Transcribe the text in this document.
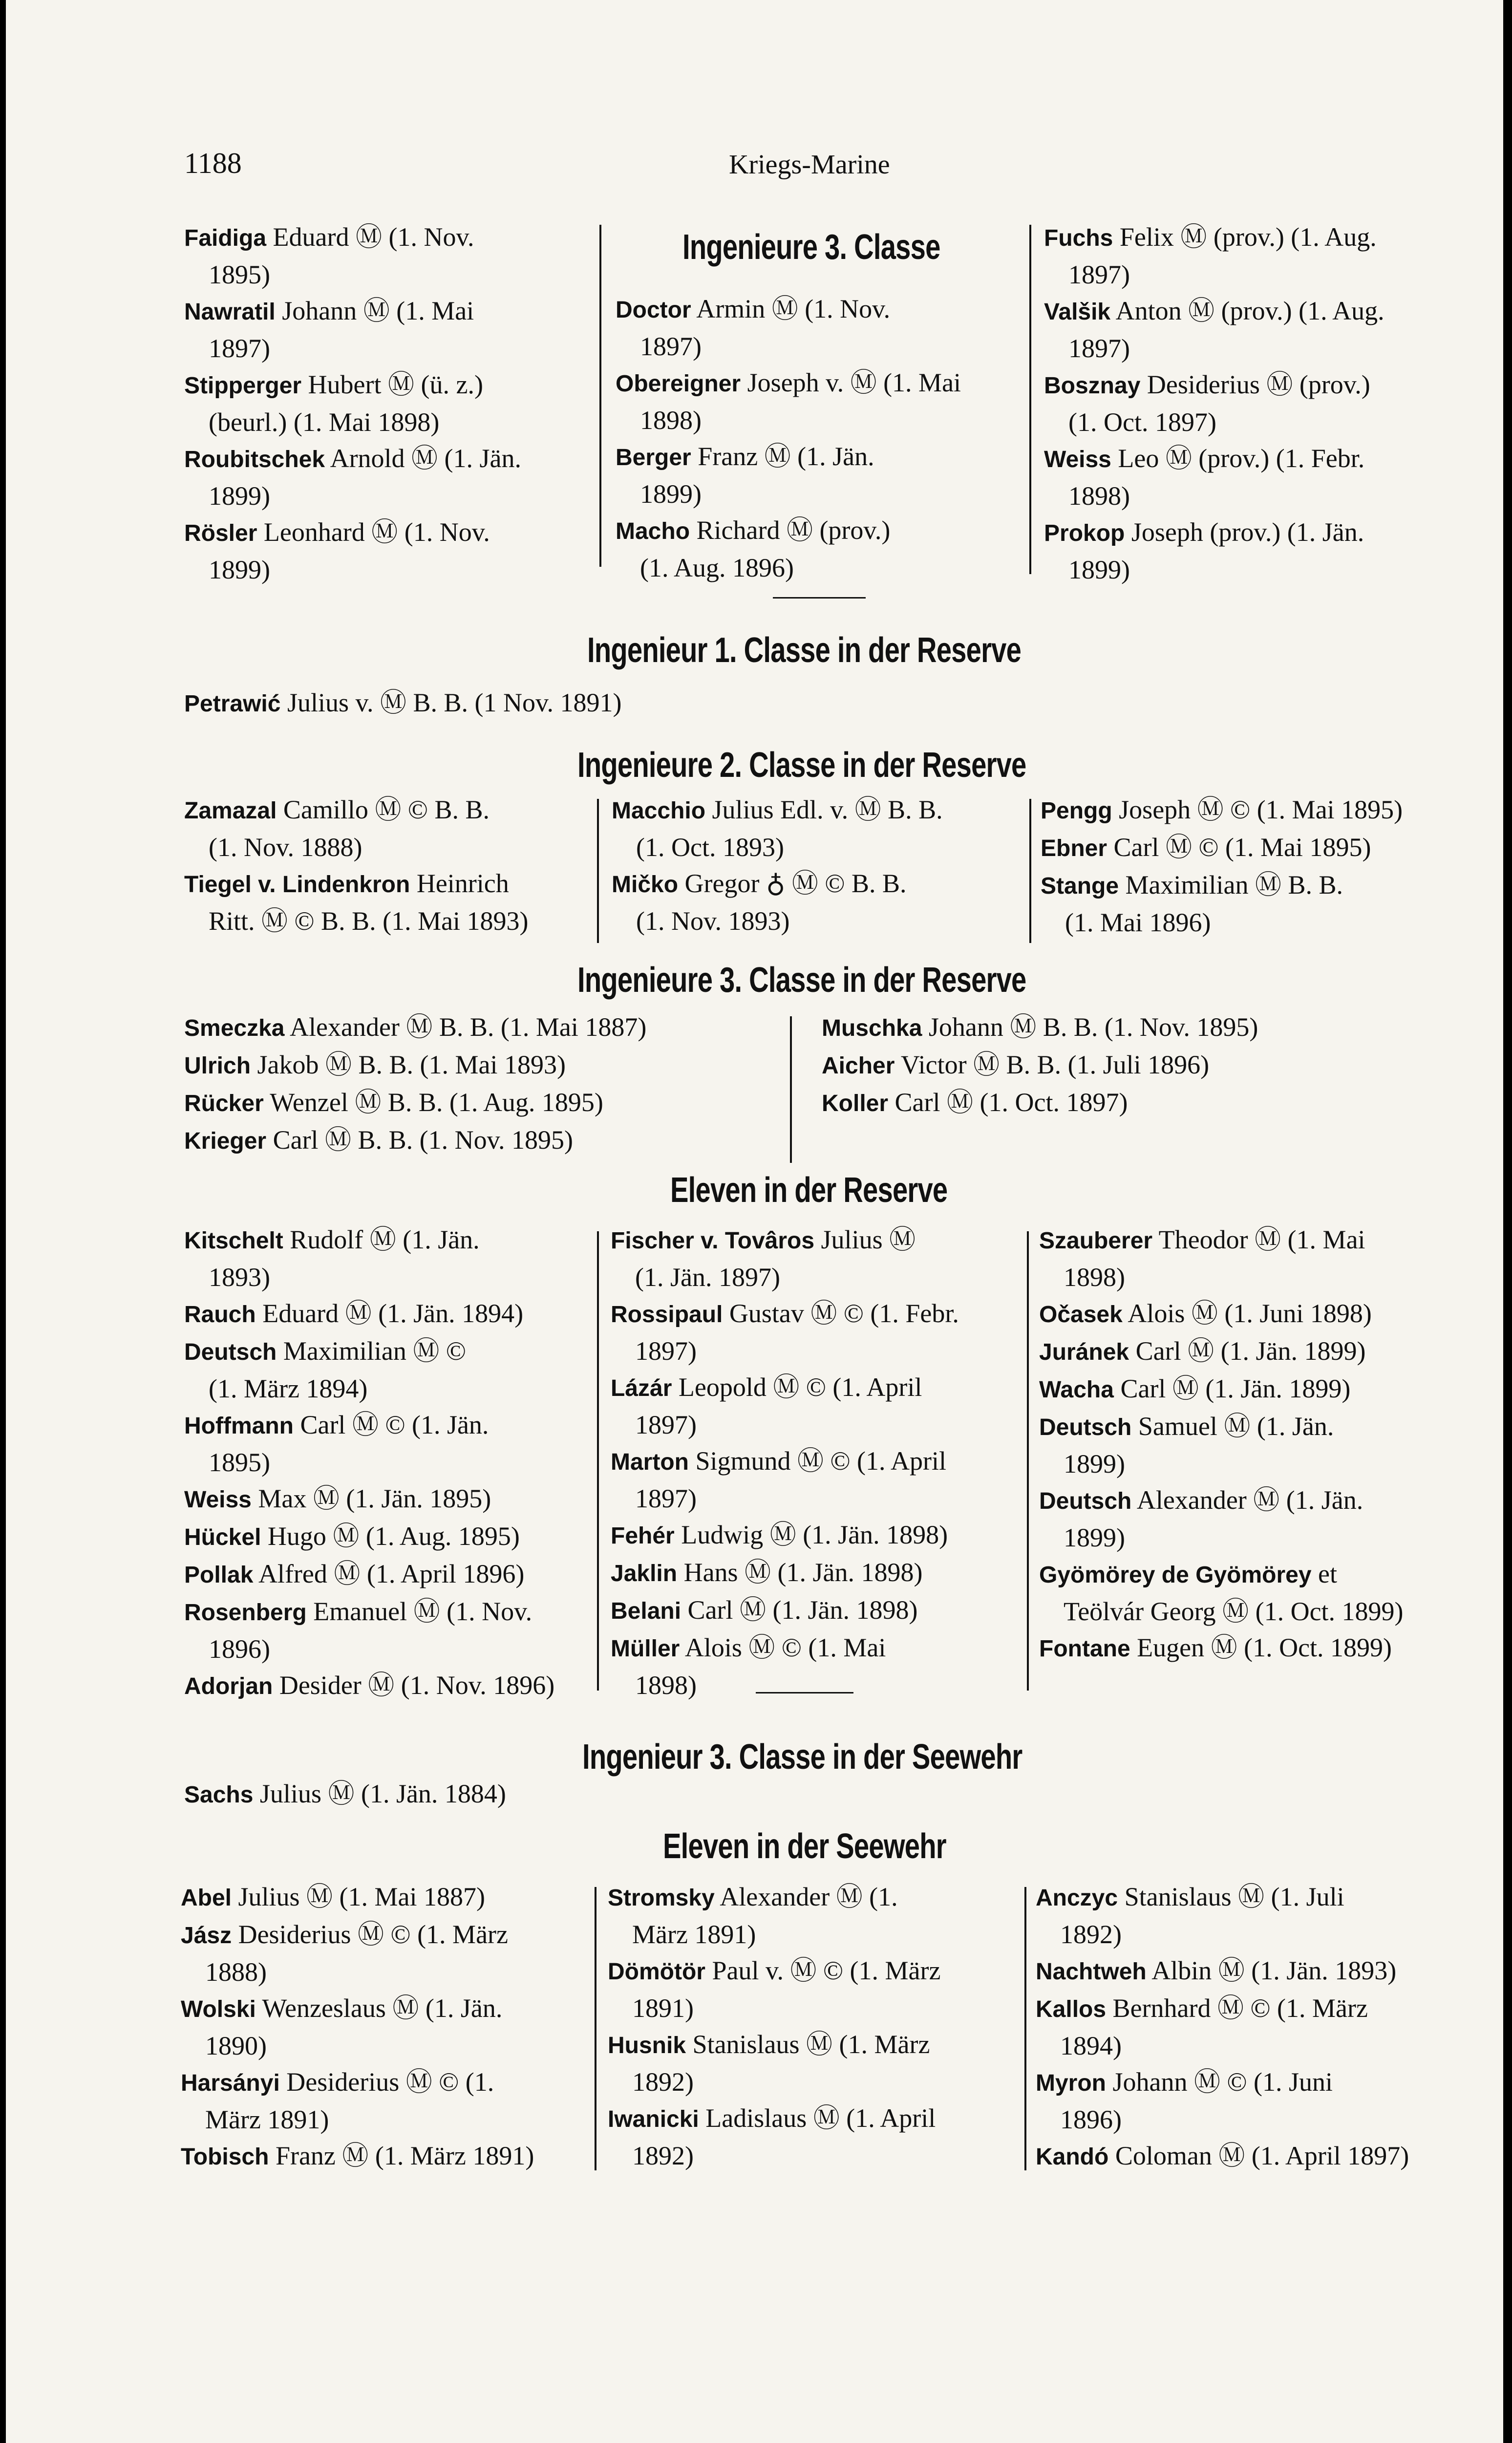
1188	Kriegs-Marine
Faidiga Eduard Ⓜ (1. Nov.
1895)
Nawratil Johann Ⓜ (1. Mai
1897)
Stipperger Hubert Ⓜ (ü. z.)
(beurl.) (1. Mai 1898)
Roubitschek Arnold Ⓜ (1. Jän.
1899)
Rösler Leonhard Ⓜ (1. Nov.
1899)
Ingenieure 3. Classe
Doctor Armin Ⓜ (1. Nov.
1897)
Obereigner Joseph v. Ⓜ (1. Mai
1898)
Berger Franz Ⓜ (1. Jän.
1899)
Macho Richard Ⓜ (prov.)
(1. Aug. 1896)
Fuchs Felix Ⓜ (prov.) (1. Aug.
1897)
Valšik Anton Ⓜ (prov.) (1. Aug.
1897)
Bosznay Desiderius Ⓜ (prov.)
(1. Oct. 1897)
Weiss Leo Ⓜ (prov.) (1. Febr.
1898)
Prokop Joseph (prov.) (1. Jän.
1899)
Ingenieur 1. Classe in der Reserve
Petrawić Julius v. Ⓜ B. B. (1 Nov. 1891)
Ingenieure 2. Classe in der Reserve
Zamazal Camillo Ⓜ © B. B.
(1. Nov. 1888)
Tiegel v. Lindenkron Heinrich
Ritt. Ⓜ © B. B. (1. Mai 1893)
Macchio Julius Edl. v. Ⓜ B. B.
(1. Oct. 1893)
Mičko Gregor ♁ Ⓜ © B. B.
(1. Nov. 1893)
Pengg Joseph Ⓜ © (1. Mai 1895)
Ebner Carl Ⓜ © (1. Mai 1895)
Stange Maximilian Ⓜ B. B.
(1. Mai 1896)
Ingenieure 3. Classe in der Reserve
Smeczka Alexander Ⓜ B. B. (1. Mai 1887)
Ulrich Jakob Ⓜ B. B. (1. Mai 1893)
Rücker Wenzel Ⓜ B. B. (1. Aug. 1895)
Krieger Carl Ⓜ B. B. (1. Nov. 1895)
Muschka Johann Ⓜ B. B. (1. Nov. 1895)
Aicher Victor Ⓜ B. B. (1. Juli 1896)
Koller Carl Ⓜ (1. Oct. 1897)
Eleven in der Reserve
Kitschelt Rudolf Ⓜ (1. Jän.
1893)
Rauch Eduard Ⓜ (1. Jän. 1894)
Deutsch Maximilian Ⓜ ©
(1. März 1894)
Hoffmann Carl Ⓜ © (1. Jän.
1895)
Weiss Max Ⓜ (1. Jän. 1895)
Hückel Hugo Ⓜ (1. Aug. 1895)
Pollak Alfred Ⓜ (1. April 1896)
Rosenberg Emanuel Ⓜ (1. Nov.
1896)
Adorjan Desider Ⓜ (1. Nov. 1896)
Fischer v. Tovâros Julius Ⓜ
(1. Jän. 1897)
Rossipaul Gustav Ⓜ © (1. Febr.
1897)
Lázár Leopold Ⓜ © (1. April
1897)
Marton Sigmund Ⓜ © (1. April
1897)
Fehér Ludwig Ⓜ (1. Jän. 1898)
Jaklin Hans Ⓜ (1. Jän. 1898)
Belani Carl Ⓜ (1. Jän. 1898)
Müller Alois Ⓜ © (1. Mai
1898)
Szauberer Theodor Ⓜ (1. Mai
1898)
Očasek Alois Ⓜ (1. Juni 1898)
Juránek Carl Ⓜ (1. Jän. 1899)
Wacha Carl Ⓜ (1. Jän. 1899)
Deutsch Samuel Ⓜ (1. Jän.
1899)
Deutsch Alexander Ⓜ (1. Jän.
1899)
Gyömörey de Gyömörey et
Teölvár Georg Ⓜ (1. Oct. 1899)
Fontane Eugen Ⓜ (1. Oct. 1899)
Ingenieur 3. Classe in der Seewehr
Sachs Julius Ⓜ (1. Jän. 1884)
Eleven in der Seewehr
Abel Julius Ⓜ (1. Mai 1887)
Jász Desiderius Ⓜ © (1. März
1888)
Wolski Wenzeslaus Ⓜ (1. Jän.
1890)
Harsányi Desiderius Ⓜ © (1.
März 1891)
Tobisch Franz Ⓜ (1. März 1891)
Stromsky Alexander Ⓜ (1.
März 1891)
Dömötör Paul v. Ⓜ © (1. März
1891)
Husnik Stanislaus Ⓜ (1. März
1892)
Iwanicki Ladislaus Ⓜ (1. April
1892)
Anczyc Stanislaus Ⓜ (1. Juli
1892)
Nachtweh Albin Ⓜ (1. Jän. 1893)
Kallos Bernhard Ⓜ © (1. März
1894)
Myron Johann Ⓜ © (1. Juni
1896)
Kandó Coloman Ⓜ (1. April 1897)
